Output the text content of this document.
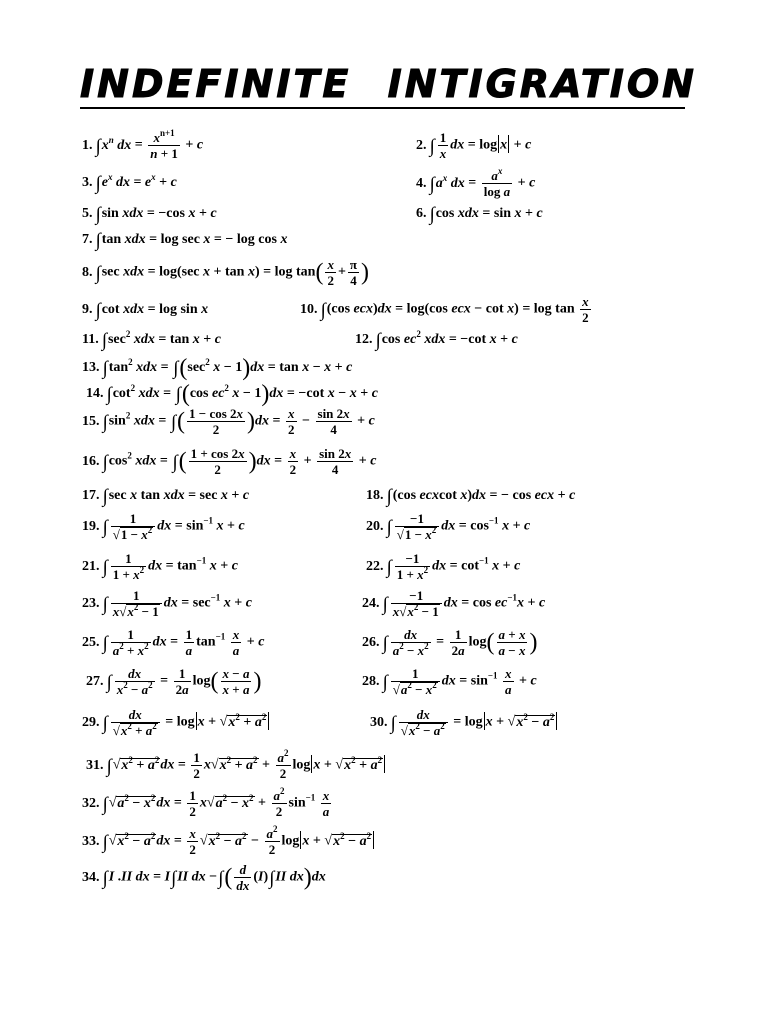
INDEFINITE INTIGRATION
1. $\int x^n$ dx = $\frac{x^{n+1}}{n + 1} + c$	2. ∫ $\frac{1}{x}$ dx = log x + c
3. $\int e^x$ dx = $e^x + c$	4. $\int a^x$ dx = $\frac{a^x}{\text{log a}} + c$
5. ∫sin xdx = −cos x + c	6. ∫cos xdx = sin x + c
7. ∫tan xdx = log sec x = − log cos x
8. ∫sec xdx = log(sec $x + \tan x) = \log \tan( \frac{x}{2} + \frac{\pi}{4}$ )
9. ∫cot xdx = log sin x	10. ∫(cos ecx)dx = log(cos ecx − $\cot x) = \log \tan \frac{x}{2}$
11. $\int\sec^2$ xdx = tan x + c	12. ∫cos $ec^2$ xdx = −cot x + c
13. $\int\tan^2$ xdx = $\int(\sec^2$ x − 1)dx = tan x − x + c
14. $\int\cot^2$ xdx = ∫(cos $ec^2$ x − 1)dx = −cot x − x + c
15. $\int\sin^2$ xdx = ∫( $\frac{1 - \cos 2x}{2} )dx = \frac{x}{2} - \frac{\sin 2x}{4} + c$
16. $\int\cos^2$ xdx = ∫( $\frac{1 + \cos 2x}{2} )dx = \frac{x}{2} + \frac{\sin 2x}{4} + c$
17. ∫sec x tan xdx = sec x + c	18. ∫(cos ecxcot x)dx = − cos ecx + c
19. ∫ $\frac{1}{√1 - x^2}$ dx = $\sin^{-1} x + c$	20. ∫ $\frac{-1}{√1 - x^2}$ dx = $\cos^{-1} x + c$
21. ∫ $\frac{1}{1 + x^2}$ dx = $\tan^{-1} x + c$	22. ∫ $\frac{-1}{1 + x^2}$ dx = $\cot^{-1} x + c$
23. ∫ $\frac{1}{x√x^2 - 1}$ dx = $\sec^{-1} x + c$	24. ∫ $\frac{-1}{x√x^2 - 1}$ dx = $\cos ec^{-1}x + c$
25. ∫ $\frac{1}{a^2 + x^2}$ dx = $\frac{1}{a} \tan^{-1} \frac{x}{a} + c$	26. ∫ $\frac{dx}{a^2 - x^2} = \frac{1}{2a} \log( \frac{a + x}{a - x}$ )
27. ∫ $\frac{dx}{x^2 - a^2} = \frac{1}{2a} \log( \frac{x - a}{x + a}$ )	28. ∫ $\frac{1}{√a^2 - x^2}$ dx = $\sin^{-1} \frac{x}{a} + c$
29. ∫ $\frac{dx}{√x^2 + a^2} = \log x + √x^2 + a^2$	30. ∫ $\frac{dx}{√x^2 - a^2} = \log x + √x^2 - a^2$
31. $\int√x^2 + a^2dx = \frac{1}{2} x√x^2 + a^2 + \frac{a^2}{2}$ $\log x + √x^2 + a^2$
32. $\int√a^2 - x^2dx = \frac{1}{2} x√a^2 - x^2 + \frac{a^2}{2} \sin^{-1} \frac{x}{a}$
33. $\int√x^2 - a^2dx = \frac{x}{2} √x^2 - a^2 - \frac{a^2}{2}$ $\log x + √x^2 - a^2$
34. ∫I .II dx = I∫II dx −∫( $\frac{d}{dx} (I)\int II$ dx)dx
